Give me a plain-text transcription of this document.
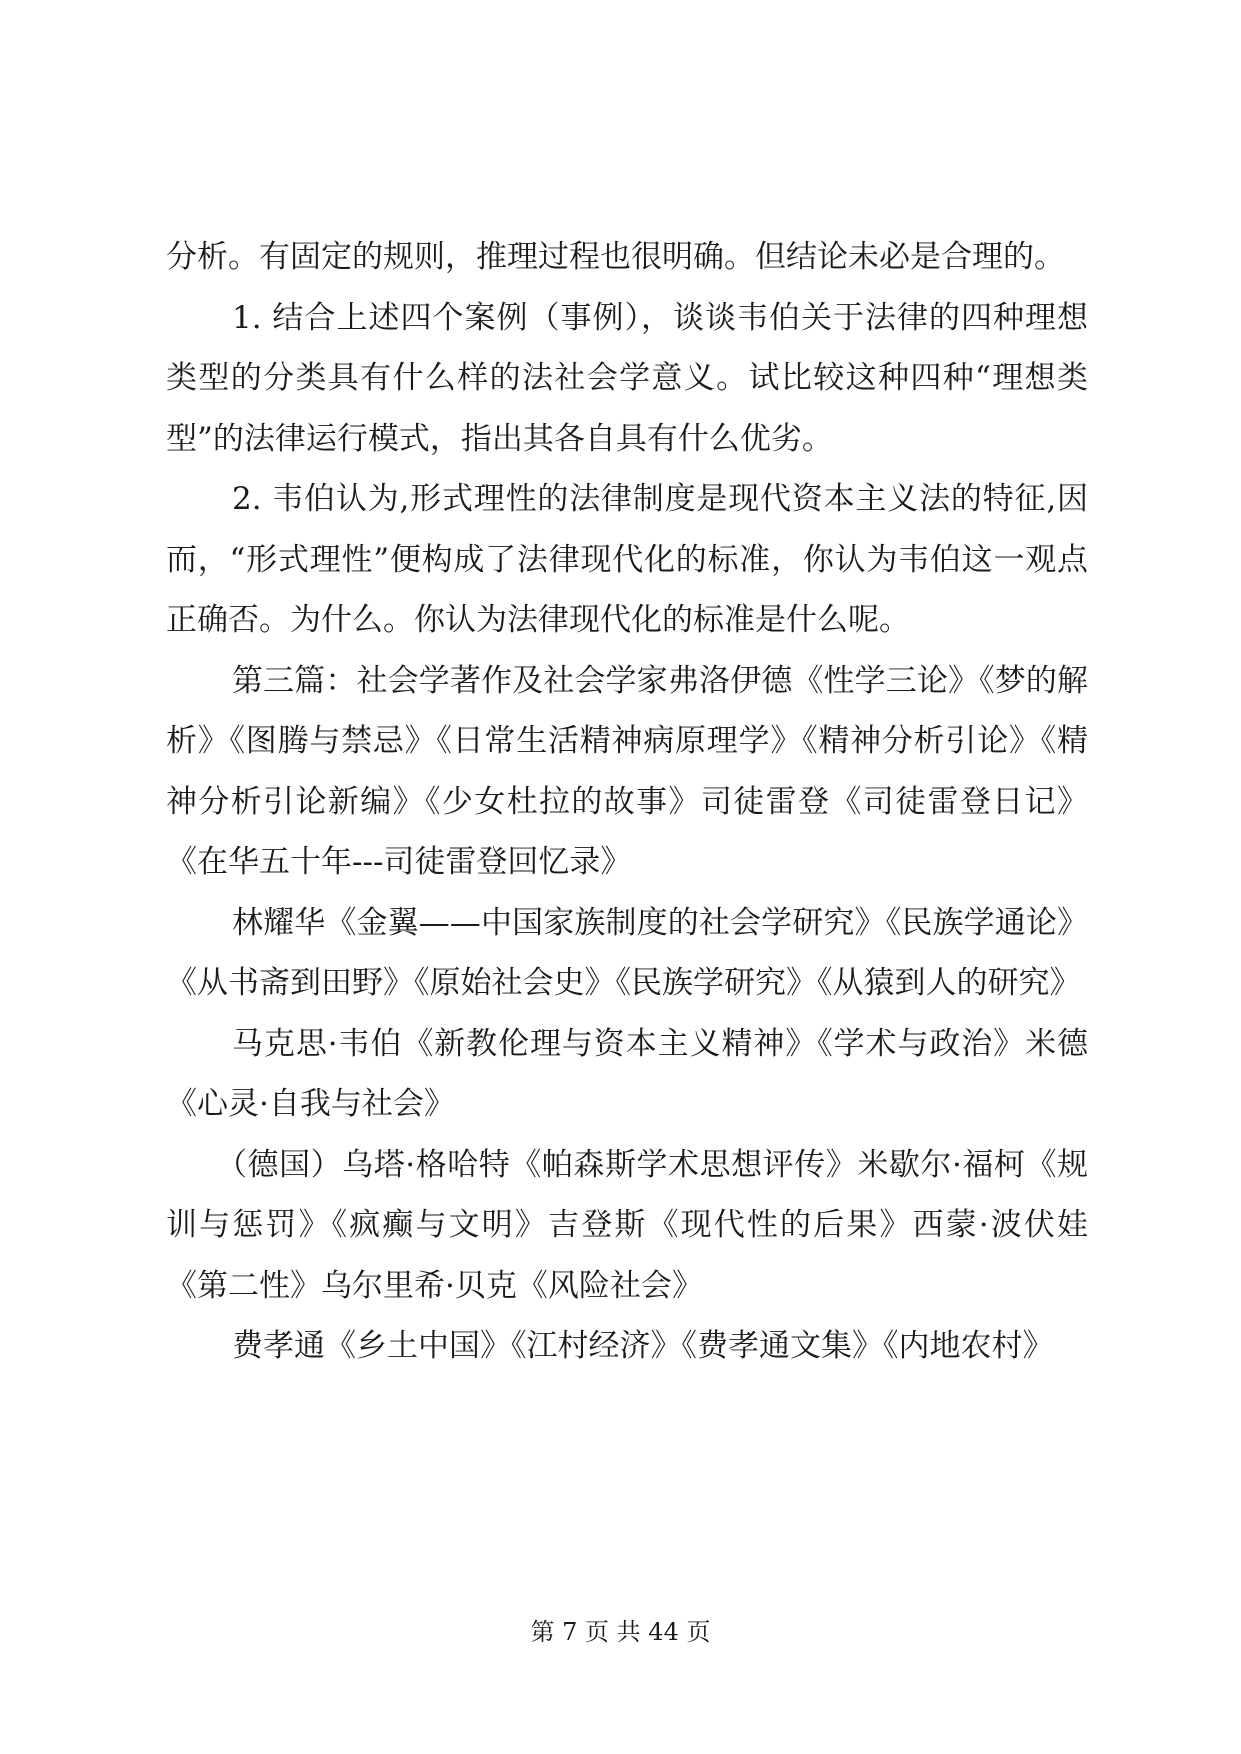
分析。有固定的规则，推理过程也很明确。但结论未必是合理的。

1. 结合上述四个案例（事例），谈谈韦伯关于法律的四种理想类型的分类具有什么样的法社会学意义。试比较这种四种“理想类型”的法律运行模式，指出其各自具有什么优劣。

2. 韦伯认为,形式理性的法律制度是现代资本主义法的特征,因而，“形式理性”便构成了法律现代化的标准，你认为韦伯这一观点正确否。为什么。你认为法律现代化的标准是什么呢。

第三篇：社会学著作及社会学家弗洛伊德《性学三论》《梦的解析》《图腾与禁忌》《日常生活精神病原理学》《精神分析引论》《精神分析引论新编》《少女杜拉的故事》司徒雷登《司徒雷登日记》《在华五十年---司徒雷登回忆录》

林耀华《金翼——中国家族制度的社会学研究》《民族学通论》《从书斋到田野》《原始社会史》《民族学研究》《从猿到人的研究》

马克思·韦伯《新教伦理与资本主义精神》《学术与政治》米德《心灵·自我与社会》

（德国）乌塔·格哈特《帕森斯学术思想评传》米歇尔·福柯《规训与惩罚》《疯癫与文明》吉登斯《现代性的后果》西蒙·波伏娃《第二性》乌尔里希·贝克《风险社会》

费孝通《乡土中国》《江村经济》《费孝通文集》《内地农村》

第 7 页 共 44 页
